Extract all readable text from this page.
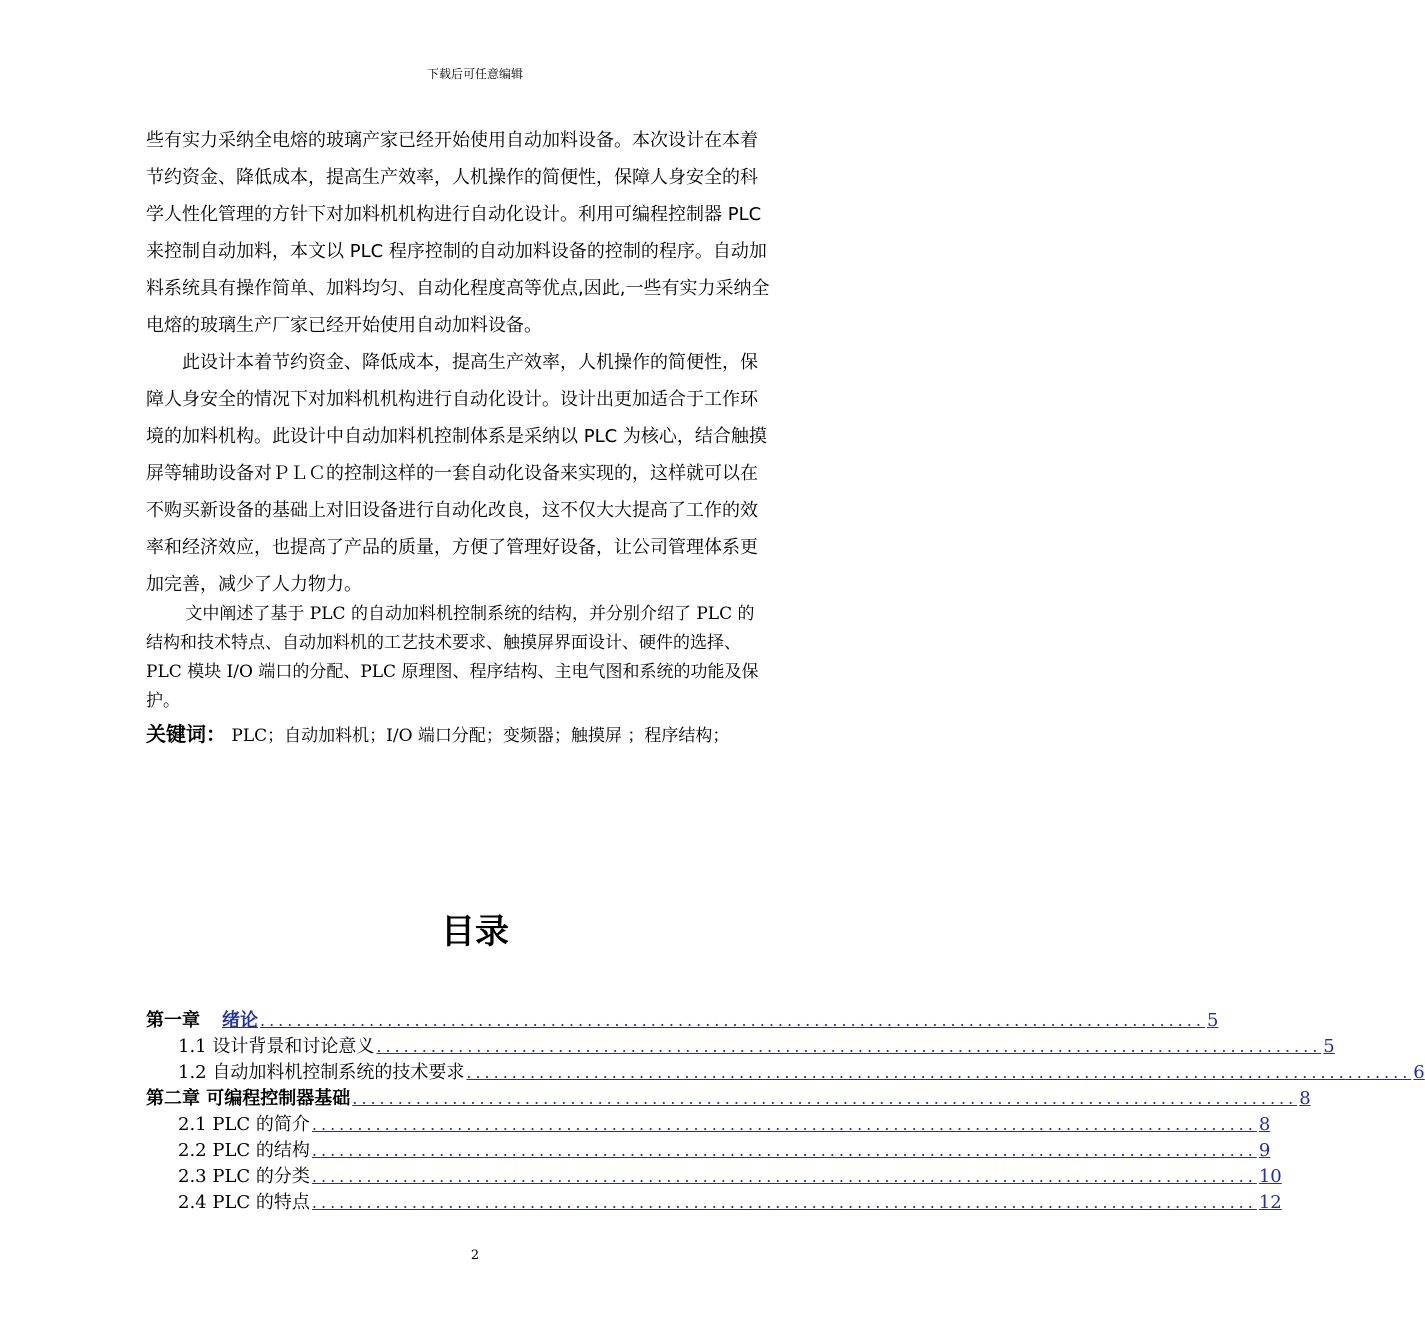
下载后可任意编辑
些有实力采纳全电熔的玻璃产家已经开始使用自动加料设备。本次设计在本着
节约资金、降低成本，提高生产效率，人机操作的简便性，保障人身安全的科
学人性化管理的方针下对加料机机构进行自动化设计。利用可编程控制器 PLC
来控制自动加料，本文以 PLC 程序控制的自动加料设备的控制的程序。自动加
料系统具有操作简单、加料均匀、自动化程度高等优点,因此,一些有实力采纳全
电熔的玻璃生产厂家已经开始使用自动加料设备。
　　此设计本着节约资金、降低成本，提高生产效率，人机操作的简便性，保
障人身安全的情况下对加料机机构进行自动化设计。设计出更加适合于工作环
境的加料机构。此设计中自动加料机控制体系是采纳以 PLC 为核心，结合触摸
屏等辅助设备对ＰＬＣ的控制这样的一套自动化设备来实现的，这样就可以在
不购买新设备的基础上对旧设备进行自动化改良，这不仅大大提高了工作的效
率和经济效应，也提高了产品的质量，方便了管理好设备，让公司管理体系更
加完善，减少了人力物力。
　　 文中阐述了基于 PLC 的自动加料机控制系统的结构，并分别介绍了 PLC 的
结构和技术特点、自动加料机的工艺技术要求、触摸屏界面设计、硬件的选择、
PLC 模块 I/O 端口的分配、PLC 原理图、程序结构、主电气图和系统的功能及保
护。
关键词： PLC；自动加料机；I/O 端口分配；变频器；触摸屏 ；程序结构；
目录
第一章 绪论 ........................................................................................................ 5
1.1 设计背景和讨论意义 ........................................................................................................ 5
1.2 自动加料机控制系统的技术要求 ........................................................................................................ 6
第二章 可编程控制器基础 ........................................................................................................ 8
2.1 PLC 的简介 ........................................................................................................ 8
2.2 PLC 的结构 ........................................................................................................ 9
2.3 PLC 的分类 ........................................................................................................ 10
2.4 PLC 的特点 ........................................................................................................ 12
2
